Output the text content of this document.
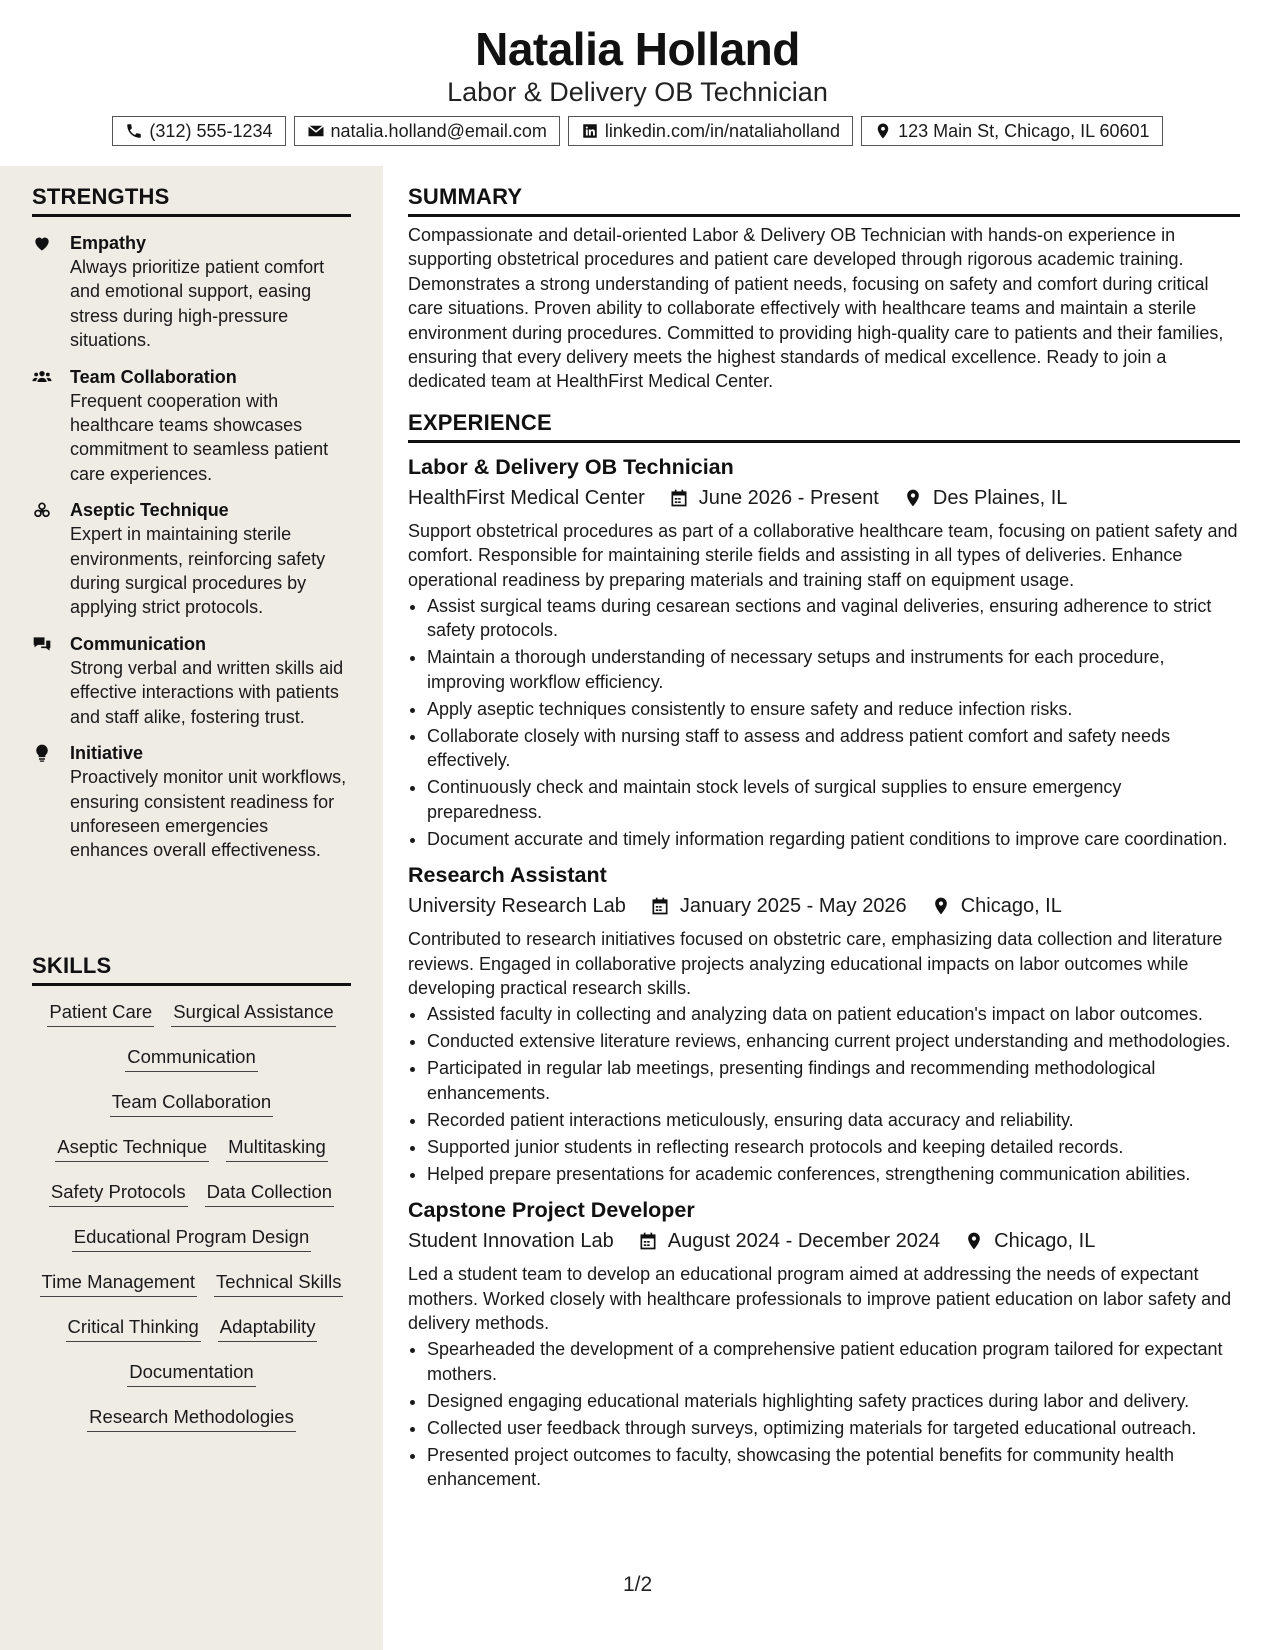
Natalia Holland
Labor & Delivery OB Technician
(312) 555-1234	natalia.holland@email.com	linkedin.com/in/nataliaholland	123 Main St, Chicago, IL 60601
STRENGTHS
Empathy
Always prioritize patient comfort and emotional support, easing stress during high-pressure situations.
Team Collaboration
Frequent cooperation with healthcare teams showcases commitment to seamless patient care experiences.
Aseptic Technique
Expert in maintaining sterile environments, reinforcing safety during surgical procedures by applying strict protocols.
Communication
Strong verbal and written skills aid effective interactions with patients and staff alike, fostering trust.
Initiative
Proactively monitor unit workflows, ensuring consistent readiness for unforeseen emergencies enhances overall effectiveness.
SKILLS
Patient Care Surgical Assistance
Communication
Team Collaboration
Aseptic Technique Multitasking
Safety Protocols Data Collection
Educational Program Design
Time Management Technical Skills
Critical Thinking Adaptability
Documentation
Research Methodologies
SUMMARY
Compassionate and detail-oriented Labor & Delivery OB Technician with hands-on experience in supporting obstetrical procedures and patient care developed through rigorous academic training. Demonstrates a strong understanding of patient needs, focusing on safety and comfort during critical care situations. Proven ability to collaborate effectively with healthcare teams and maintain a sterile environment during procedures. Committed to providing high-quality care to patients and their families, ensuring that every delivery meets the highest standards of medical excellence. Ready to join a dedicated team at HealthFirst Medical Center.
EXPERIENCE
Labor & Delivery OB Technician
HealthFirst Medical Center	June 2026 - Present	Des Plaines, IL
Support obstetrical procedures as part of a collaborative healthcare team, focusing on patient safety and comfort. Responsible for maintaining sterile fields and assisting in all types of deliveries. Enhance operational readiness by preparing materials and training staff on equipment usage.
• Assist surgical teams during cesarean sections and vaginal deliveries, ensuring adherence to strict safety protocols.
• Maintain a thorough understanding of necessary setups and instruments for each procedure, improving workflow efficiency.
• Apply aseptic techniques consistently to ensure safety and reduce infection risks.
• Collaborate closely with nursing staff to assess and address patient comfort and safety needs effectively.
• Continuously check and maintain stock levels of surgical supplies to ensure emergency preparedness.
• Document accurate and timely information regarding patient conditions to improve care coordination.
Research Assistant
University Research Lab	January 2025 - May 2026	Chicago, IL
Contributed to research initiatives focused on obstetric care, emphasizing data collection and literature reviews. Engaged in collaborative projects analyzing educational impacts on labor outcomes while developing practical research skills.
• Assisted faculty in collecting and analyzing data on patient education's impact on labor outcomes.
• Conducted extensive literature reviews, enhancing current project understanding and methodologies.
• Participated in regular lab meetings, presenting findings and recommending methodological enhancements.
• Recorded patient interactions meticulously, ensuring data accuracy and reliability.
• Supported junior students in reflecting research protocols and keeping detailed records.
• Helped prepare presentations for academic conferences, strengthening communication abilities.
Capstone Project Developer
Student Innovation Lab	August 2024 - December 2024	Chicago, IL
Led a student team to develop an educational program aimed at addressing the needs of expectant mothers. Worked closely with healthcare professionals to improve patient education on labor safety and delivery methods.
• Spearheaded the development of a comprehensive patient education program tailored for expectant mothers.
• Designed engaging educational materials highlighting safety practices during labor and delivery.
• Collected user feedback through surveys, optimizing materials for targeted educational outreach.
• Presented project outcomes to faculty, showcasing the potential benefits for community health enhancement.
1/2
